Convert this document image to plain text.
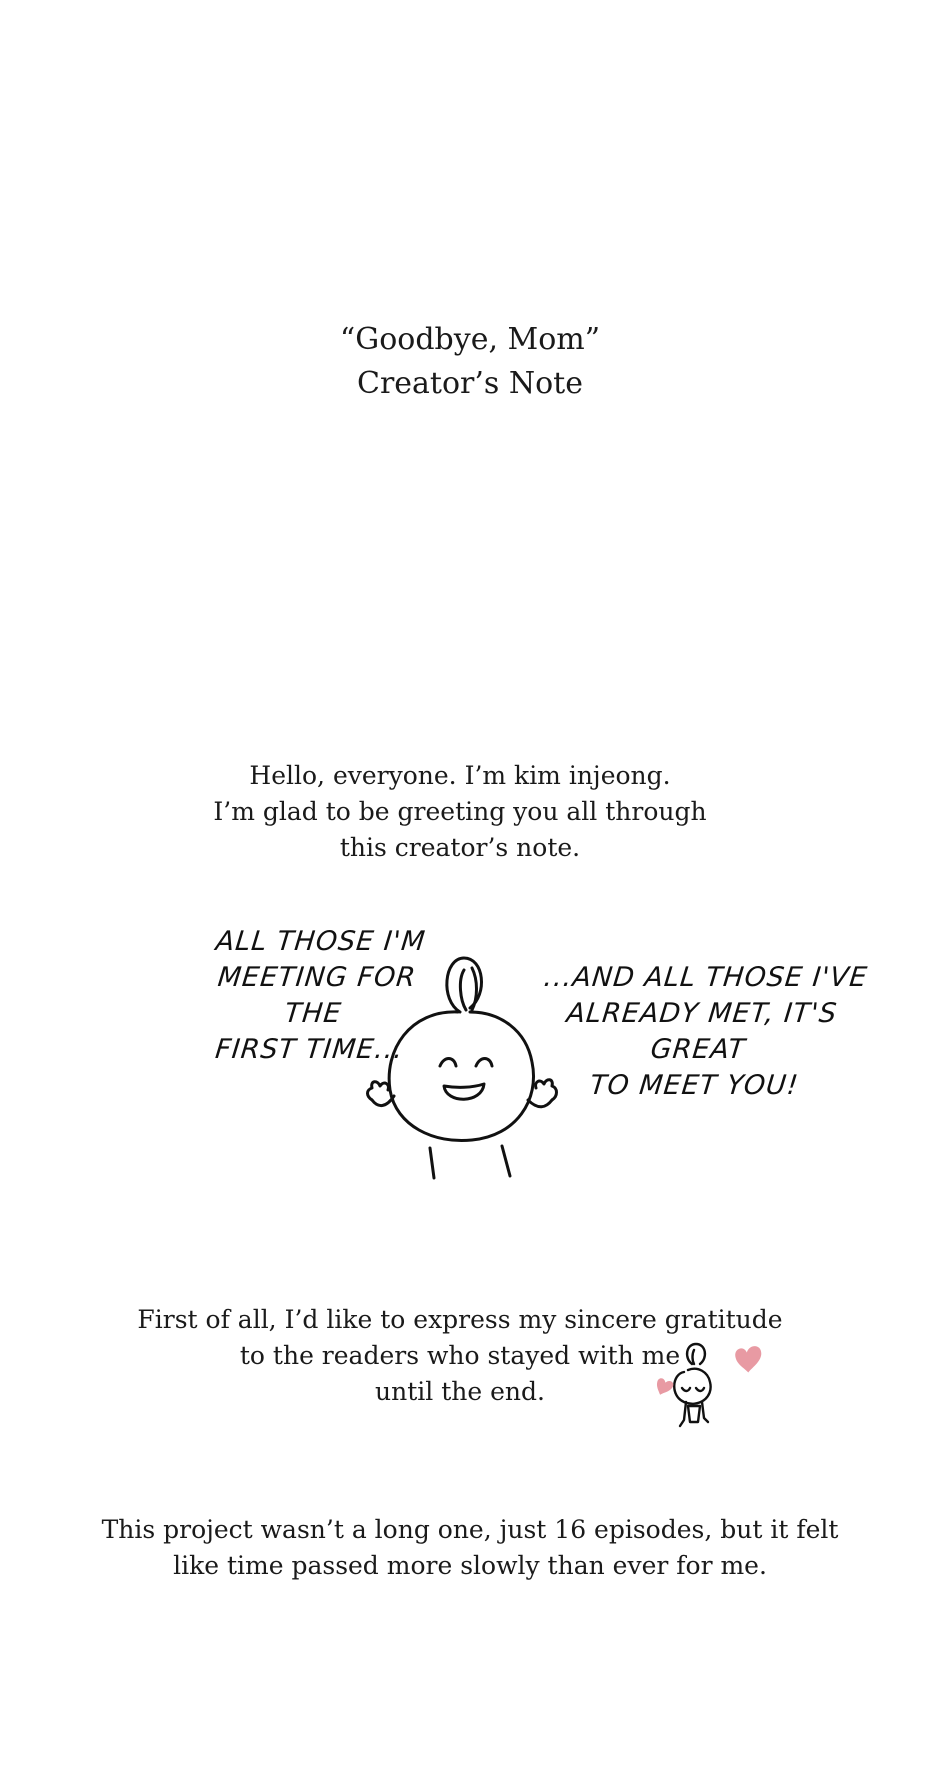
“Goodbye, Mom”
Creator’s Note
Hello, everyone. I’m kim injeong.
I’m glad to be greeting you all through
this creator’s note.
ALL THOSE I'M
MEETING FOR THE
FIRST TIME...
...AND ALL THOSE I'VE
ALREADY MET, IT'S GREAT
TO MEET YOU!
First of all, I’d like to express my sincere gratitude
to the readers who stayed with me
until the end.
This project wasn’t a long one, just 16 episodes, but it felt
like time passed more slowly than ever for me.
